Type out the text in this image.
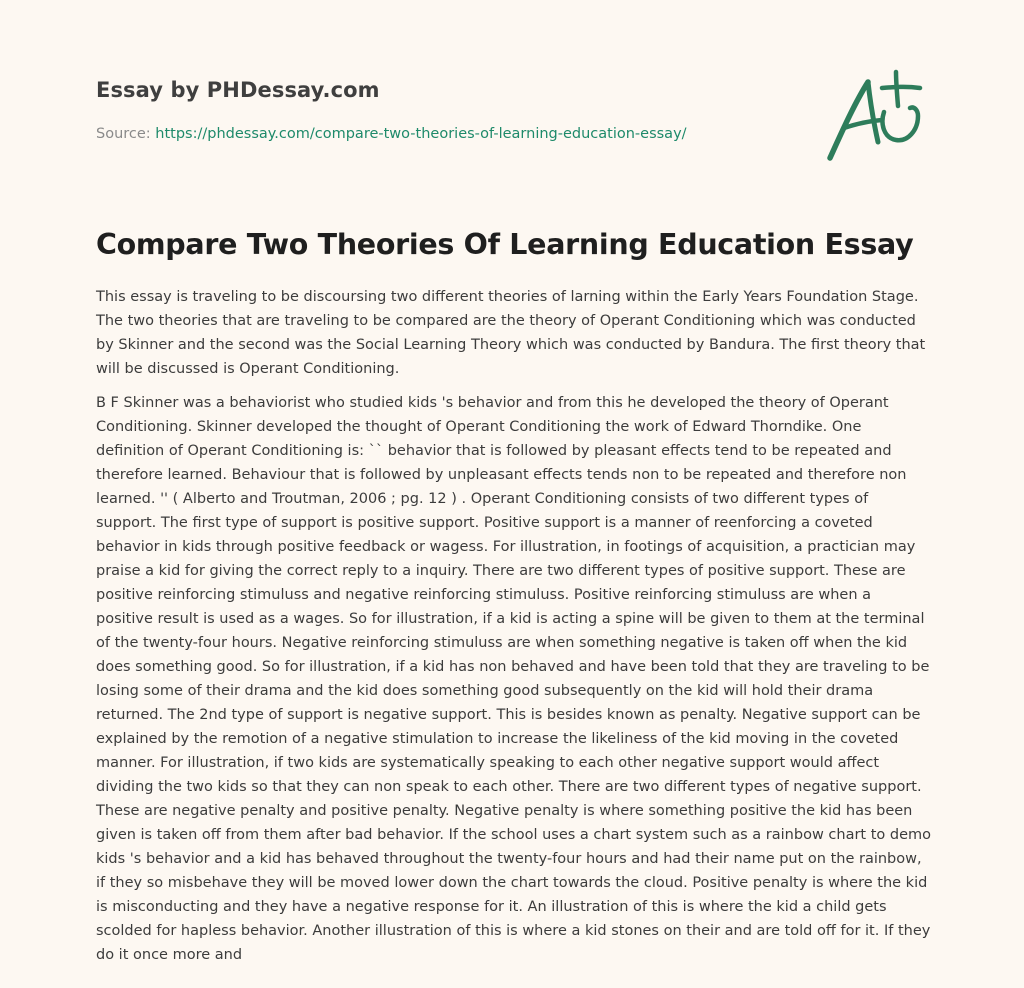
Essay by PHDessay.com
Source: https://phdessay.com/compare-two-theories-of-learning-education-essay/
Compare Two Theories Of Learning Education Essay

This essay is traveling to be discoursing two different theories of larning within the Early Years Foundation Stage. The two theories that are traveling to be compared are the theory of Operant Conditioning which was conducted by Skinner and the second was the Social Learning Theory which was conducted by Bandura. The first theory that will be discussed is Operant Conditioning.

B F Skinner was a behaviorist who studied kids 's behavior and from this he developed the theory of Operant Conditioning. Skinner developed the thought of Operant Conditioning the work of Edward Thorndike. One definition of Operant Conditioning is: `` behavior that is followed by pleasant effects tend to be repeated and therefore learned. Behaviour that is followed by unpleasant effects tends non to be repeated and therefore non learned. '' ( Alberto and Troutman, 2006 ; pg. 12 ) . Operant Conditioning consists of two different types of support. The first type of support is positive support. Positive support is a manner of reenforcing a coveted behavior in kids through positive feedback or wagess. For illustration, in footings of acquisition, a practician may praise a kid for giving the correct reply to a inquiry. There are two different types of positive support. These are positive reinforcing stimuluss and negative reinforcing stimuluss. Positive reinforcing stimuluss are when a positive result is used as a wages. So for illustration, if a kid is acting a spine will be given to them at the terminal of the twenty-four hours. Negative reinforcing stimuluss are when something negative is taken off when the kid does something good. So for illustration, if a kid has non behaved and have been told that they are traveling to be losing some of their drama and the kid does something good subsequently on the kid will hold their drama returned. The 2nd type of support is negative support. This is besides known as penalty. Negative support can be explained by the remotion of a negative stimulation to increase the likeliness of the kid moving in the coveted manner. For illustration, if two kids are systematically speaking to each other negative support would affect dividing the two kids so that they can non speak to each other. There are two different types of negative support. These are negative penalty and positive penalty. Negative penalty is where something positive the kid has been given is taken off from them after bad behavior. If the school uses a chart system such as a rainbow chart to demo kids 's behavior and a kid has behaved throughout the twenty-four hours and had their name put on the rainbow, if they so misbehave they will be moved lower down the chart towards the cloud. Positive penalty is where the kid is misconducting and they have a negative response for it. An illustration of this is where the kid a child gets scolded for hapless behavior. Another illustration of this is where a kid stones on their and are told off for it. If they do it once more and
